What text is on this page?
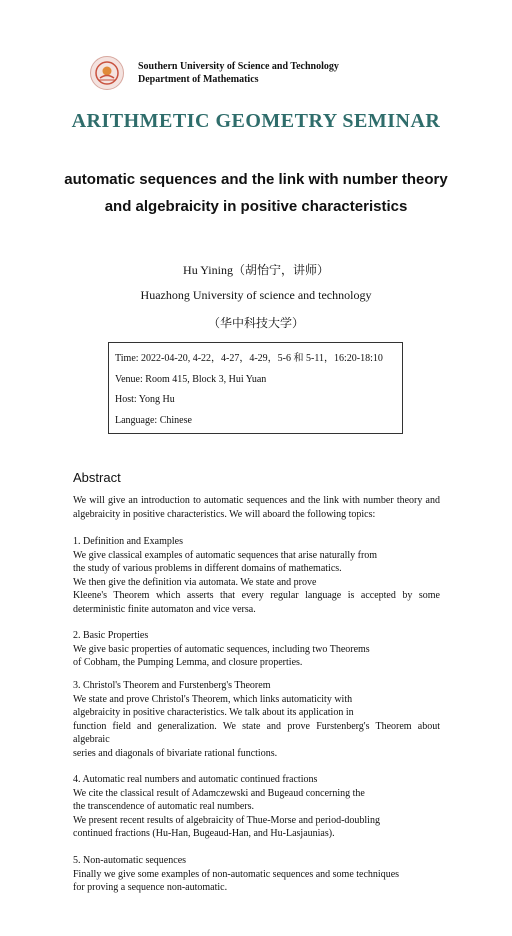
Southern University of Science and Technology
Department of Mathematics
ARITHMETIC GEOMETRY SEMINAR
automatic sequences and the link with number theory and algebraicity in positive characteristics
Hu Yining（胡怡宁，讲师）
Huazhong University of science and technology
（华中科技大学）
Time: 2022-04-20, 4-22，4-27，4-29，5-6 和 5-11，16:20-18:10
Venue: Room 415, Block 3, Hui Yuan
Host: Yong Hu
Language: Chinese
Abstract
We will give an introduction to automatic sequences and the link with number theory and algebraicity in positive characteristics. We will aboard the following topics:
1. Definition and Examples
We give classical examples of automatic sequences that arise naturally from
the study of various problems in different domains of mathematics.
We then give the definition via automata. We state and prove
Kleene's Theorem which asserts that every regular language is accepted by some deterministic finite automaton and vice versa.
2. Basic Properties
We give basic properties of automatic sequences, including two Theorems
of Cobham, the Pumping Lemma, and closure properties.
3. Christol's Theorem and Furstenberg's Theorem
We state and prove Christol's Theorem, which links automaticity with
algebraicity in positive characteristics. We talk about its application in
function field and generalization. We state and prove Furstenberg's Theorem about algebraic
series and diagonals of bivariate rational functions.
4. Automatic real numbers and automatic continued fractions
We cite the classical result of Adamczewski and Bugeaud concerning the
the transcendence of automatic real numbers.
We present recent results of algebraicity of Thue-Morse and period-doubling
continued fractions (Hu-Han, Bugeaud-Han, and Hu-Lasjaunias).
5. Non-automatic sequences
Finally we give some examples of non-automatic sequences and some techniques
for proving a sequence non-automatic.
